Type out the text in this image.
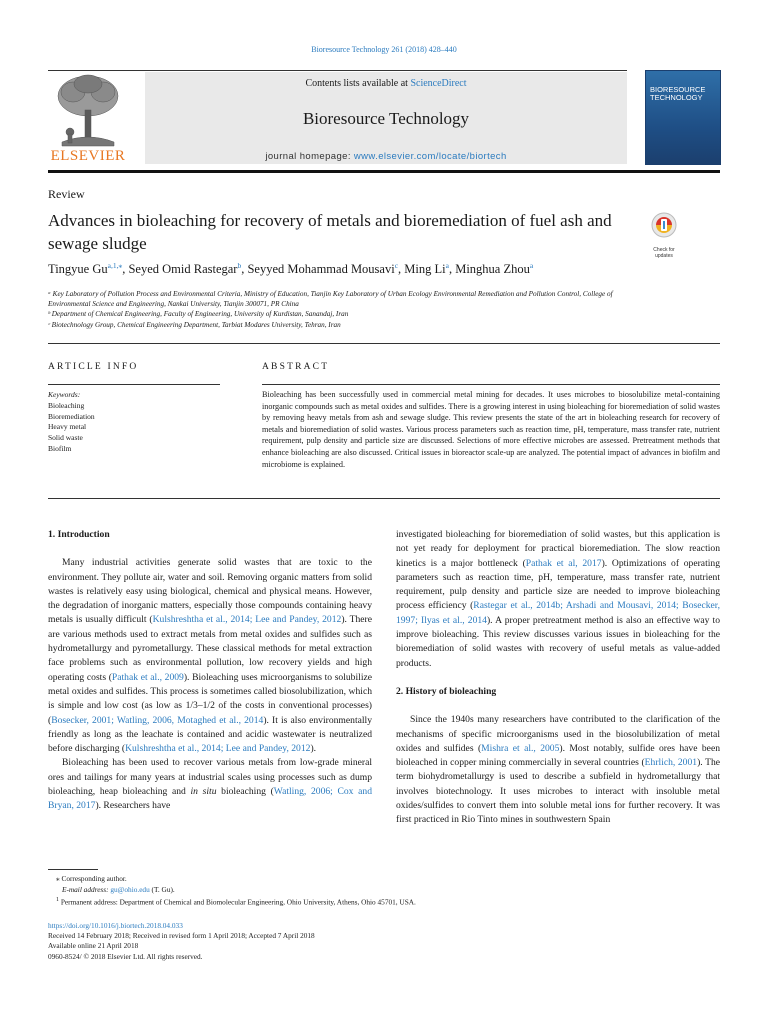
Bioresource Technology 261 (2018) 428–440
ELSEVIER
Contents lists available at ScienceDirect
Bioresource Technology
journal homepage: www.elsevier.com/locate/biortech
BIORESOURCE TECHNOLOGY
Review
Advances in bioleaching for recovery of metals and bioremediation of fuel ash and sewage sludge	Check for updates
Tingyue $Gu^{a,1,⁎}$, Seyed Omid Rastegar$^b$, Seyyed Mohammad Mousavi$^c$, Ming Li$^a$, Minghua Zhou$^a$
ᵃ Key Laboratory of Pollution Process and Environmental Criteria, Ministry of Education, Tianjin Key Laboratory of Urban Ecology Environmental Remediation and Pollution Control, College of Environmental Science and Engineering, Nankai University, Tianjin 300071, PR China
ᵇ Department of Chemical Engineering, Faculty of Engineering, University of Kurdistan, Sanandaj, Iran
ᶜ Biotechnology Group, Chemical Engineering Department, Tarbiat Modares University, Tehran, Iran
ARTICLE INFO	ABSTRACT
Keywords:
Bioleaching
Bioremediation
Heavy metal
Solid waste
Biofilm
Bioleaching has been successfully used in commercial metal mining for decades. It uses microbes to biosolubilize metal-containing inorganic compounds such as metal oxides and sulfides. There is a growing interest in using bioleaching for bioremediation of solid wastes by removing heavy metals from ash and sewage sludge. This review presents the state of the art in bioleaching research for recovery of metals and bioremediation of solid wastes. Various process parameters such as reaction time, pH, temperature, mass transfer rate, nutrient requirement, pulp density and particle size are discussed. Selections of more effective microbes are assessed. Pretreatment methods that enhance bioleaching are also discussed. Critical issues in bioreactor scale-up are analyzed. The potential impact of advances in biofilm and microbiome is explained.
1. Introduction

Many industrial activities generate solid wastes that are toxic to the environment. They pollute air, water and soil. Removing organic matters from solid wastes is relatively easy using biological, chemical and physical means. However, the degradation of inorganic matters, especially those compounds containing heavy metals is usually difficult (Kulshreshtha et al., 2014; Lee and Pandey, 2012). There are various methods used to extract metals from metal oxides and sulfides such as hydrometallurgy and pyrometallurgy. These classical methods for metal extraction face problems such as environmental pollution, low recovery yields and high operating costs (Pathak et al., 2009). Bioleaching uses microorganisms to solubilize metal oxides and sulfides. This process is sometimes called biosolubilization, which is simple and low cost (as low as 1/3–1/2 of the costs in conventional processes) (Bosecker, 2001; Watling, 2006, Motaghed et al., 2014). It is also environmentally friendly as long as the leachate is contained and acidic wastewater is neutralized before discharging (Kulshreshtha et al., 2014; Lee and Pandey, 2012).

Bioleaching has been used to recover various metals from low-grade mineral ores and tailings for many years at industrial scales using processes such as dump bioleaching, heap bioleaching and in situ bioleaching (Watling, 2006; Cox and Bryan, 2017). Researchers have

investigated bioleaching for bioremediation of solid wastes, but this application is not yet ready for deployment for practical bioremediation. The slow reaction kinetics is a major bottleneck (Pathak et al, 2017). Optimizations of operating parameters such as reaction time, pH, temperature, mass transfer rate, nutrient requirement, pulp density and particle size are needed to improve bioleaching process efficiency (Rastegar et al., 2014b; Arshadi and Mousavi, 2014; Bosecker, 1997; Ilyas et al., 2014). A proper pretreatment method is also an effective way to improve bioleaching. This review discusses various issues in bioleaching for the bioremediation of solid wastes with recovery of useful metals as value-added products.

2. History of bioleaching

Since the 1940s many researchers have contributed to the clarification of the mechanisms of specific microorganisms used in the biosolubilization of metal oxides and sulfides (Mishra et al., 2005). Most notably, sulfide ores have been bioleached in copper mining commercially in several countries (Ehrlich, 2001). The term biohydrometallurgy is used to describe a subfield in hydrometallurgy that involves biotechnology. It uses microbes to interact with insoluble metal oxides/sulfides to convert them into soluble metal ions for further recovery. It was first practiced in Rio Tinto mines in southwestern Spain

⁎ Corresponding author.
E-mail address: gu@ohio.edu (T. Gu).
$^1$ Permanent address: Department of Chemical and Biomolecular Engineering, Ohio University, Athens, Ohio 45701, USA.
https://doi.org/10.1016/j.biortech.2018.04.033
Received 14 February 2018; Received in revised form 1 April 2018; Accepted 7 April 2018
Available online 21 April 2018
0960-8524/ © 2018 Elsevier Ltd. All rights reserved.
